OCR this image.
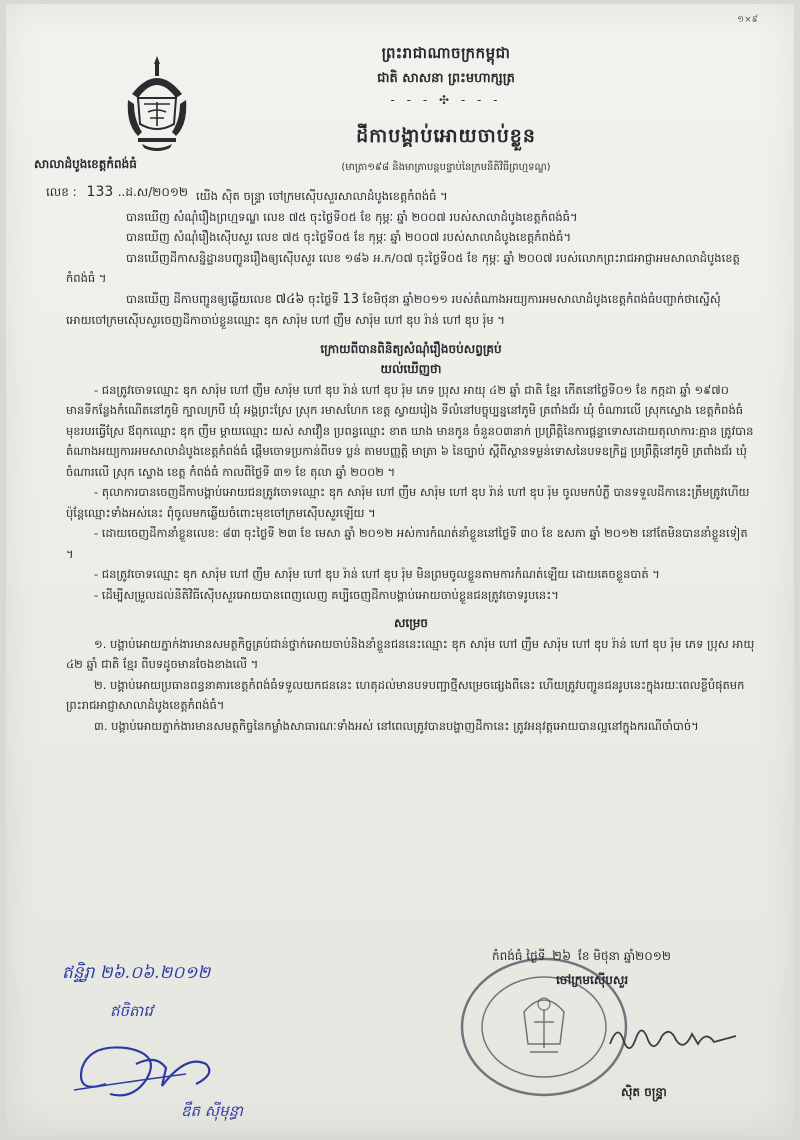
១×៩
ព្រះរាជាណាចក្រកម្ពុជា
ជាតិ សាសនា ព្រះមហាក្សត្រ
- - - ✣ - - -
ដីកាបង្គាប់អោយចាប់ខ្លួន
(មាត្រា១៩៨ និងមាត្រាបន្តបន្ទាប់នៃក្រមនីតិវិធីព្រហ្មទណ្ឌ)
សាលាដំបូងខេត្តកំពង់ធំ
លេខ : 133 ..ដ.ស/២០១២ យើង ស៊ិត ចន្ទ្រា ចៅក្រមស៊ើបសួរសាលាដំបូងខេត្តកំពង់ធំ ។

បានឃើញ សំណុំរឿងព្រហ្មទណ្ឌ លេខ ៧៥ ចុះថ្ងៃទី០៥ ខែ កុម្ភៈ ឆ្នាំ ២០០៧ របស់សាលាដំបូងខេត្តកំពង់ធំ។

បានឃើញ សំណុំរឿងស៊ើបសួរ លេខ ៧៥ ចុះថ្ងៃទី០៥ ខែ កុម្ភៈ ឆ្នាំ ២០០៧ របស់សាលាដំបូងខេត្តកំពង់ធំ។

បានឃើញដីកាសន្និដ្ឋានបញ្ជូនរឿងឲ្យស៊ើបសួរ លេខ ១៨៦ អ.ក/០៧ ចុះថ្ងៃទី០៥ ខែ កុម្ភៈ ឆ្នាំ ២០០៧ របស់លោកព្រះរាជអាជ្ញាអមសាលាដំបូងខេត្តកំពង់ធំ ។

បានឃើញ ដីកាបញ្ជូនឲ្យឆ្លើយលេខ ៧៤៦ ចុះថ្ងៃទី 13 ខែមិថុនា ឆ្នាំ២០១១ របស់តំណាងអយ្យការអមសាលាដំបូងខេត្តកំពង់ធំបញ្ជាក់ថាស្នើសុំអោយចៅក្រមស៊ើបសួរចេញដីកាចាប់ខ្លួនឈ្មោះ ឌុក សារ៉ុម ហៅ ញឹម សារ៉ុម ហៅ ឌុប រ៉ាន់ ហៅ ឌុប រ៉ុម ។

ក្រោយពីបានពិនិត្យសំណុំរឿងចប់សព្វគ្រប់
យល់ឃើញថា

- ជនត្រូវចោទឈ្មោះ ឌុក សារ៉ុម ហៅ ញឹម សារ៉ុម ហៅ ឌុប រ៉ាន់ ហៅ ឌុប រ៉ុម ភេទ ប្រុស អាយុ ៤២ ឆ្នាំ ជាតិ ខ្មែរ កើតនៅថ្ងៃទី០១ ខែ កក្កដា ឆ្នាំ ១៩៧០ មានទីកន្លែងកំណើតនៅភូមិ ក្បាលក្របី ឃុំ អង្គព្រះស្រែ ស្រុក រមាសហែក ខេត្ត ស្វាយរៀង ទីលំនៅបច្ចុប្បន្ននៅភូមិ ត្រពាំងជ័រ ឃុំ ចំណារលើ ស្រុកស្ទោង ខេត្តកំពង់ធំ មុខរបរធ្វើស្រែ ឪពុកឈ្មោះ ឌុក ញឹម ម្ដាយឈ្មោះ យស់ សាវឿន ប្រពន្ធឈ្មោះ ខាត ឃាង មានកូន ចំនួន០៣នាក់ ប្រព្រឹត្តិនៃការផ្តន្ទាទោសដោយតុលាការ:គ្មាន ត្រូវបានតំណាងអយ្យការអមសាលាដំបូងខេត្តកំពង់ធំ ផ្ដើមចោទប្រកាន់ពីបទ ប្លន់ តាមបញ្ញត្តិ មាត្រា ៦ នៃច្បាប់ ស្តីពីស្ថានទម្ងន់ទោសនៃបទឧក្រិដ្ឋ ប្រព្រឹត្តិនៅភូមិ ត្រពាំងជ័រ ឃុំ ចំណារលើ ស្រុក ស្ទោង ខេត្ត កំពង់ធំ កាលពីថ្ងៃទី ៣១ ខែ តុលា ឆ្នាំ ២០០២ ។

- តុលាការបានចេញដីកាបង្គាប់អោយជនត្រូវចោទឈ្មោះ ឌុក សារ៉ុម ហៅ ញឹម សារ៉ុម ហៅ ឌុប រ៉ាន់ ហៅ ឌុប រ៉ុម ចូលមកបំភ្លឺ បានទទួលដីកានេះត្រឹមត្រូវហើយ ប៉ុន្តែឈ្មោះទាំងអស់នេះ ពុំចូលមកឆ្លើយចំពោះមុខចៅក្រមស៊ើបសួរឡើយ ។

- ដោយចេញដីកានាំខ្លួនលេខ: ៨៣ ចុះថ្ងៃទី ២៣ ខែ មេសា ឆ្នាំ ២០១២ អស់ការកំណត់នាំខ្លួននៅថ្ងៃទី ៣០ ខែ ឧសភា ឆ្នាំ ២០១២ នៅតែមិនបាននាំខ្លួនទៀត ។

- ជនត្រូវចោទឈ្មោះ ឌុក សារ៉ុម ហៅ ញឹម សារ៉ុម ហៅ ឌុប រ៉ាន់ ហៅ ឌុប រ៉ុម មិនព្រមចូលខ្លួនតាមការកំណត់ឡើយ ដោយគេចខ្លួនបាត់ ។

- ដើម្បីសម្រួលដល់នីតិវិធីស៊ើបសួរអោយបានពេញលេញ គប្បីចេញដីកាបង្គាប់អោយចាប់ខ្លួនជនត្រូវចោទរូបនេះ។

សម្រេច

១. បង្គាប់អោយភ្នាក់ងារមានសមត្ថកិច្ចគ្រប់ជាន់ថ្នាក់អោយចាប់និងនាំខ្លួនជននេះឈ្មោះ ឌុក សារ៉ុម ហៅ ញឹម សារ៉ុម ហៅ ឌុប រ៉ាន់ ហៅ ឌុប រ៉ុម ភេទ ប្រុស អាយុ ៤២ ឆ្នាំ ជាតិ ខ្មែរ ពីបទដូចមានចែងខាងលើ ។

២. បង្គាប់អោយប្រធានពន្ធនាគារខេត្តកំពង់ធំទទួលយកជននេះ ហេតុដល់មានបទបញ្ជាថ្មីសម្រេចផ្សេងពីនេះ ហើយត្រូវបញ្ជូនជនរូបនេះក្នុងរយៈពេលខ្លីបំផុតមកព្រះរាជអាជ្ញាសាលាដំបូងខេត្តកំពង់ធំ។

៣. បង្គាប់អោយភ្នាក់ងារមានសមត្ថកិច្ចនៃកម្លាំងសាធារណៈទាំងអស់ នៅពេលត្រូវបានបង្ហាញដីកានេះ ត្រូវអនុវត្តអោយបានល្អនៅក្នុងករណីចាំបាច់។

កំពង់ធំ ថ្ងៃទី ២៦ ខែ មិថុនា ឆ្នាំ២០១២
ចៅក្រមស៊ើបសួរ
ស៊ិត ចន្ទ្រា
ឥន្ទិរ្វា ២៦.០៦.២០១២
ឥចិតាវេ
ឌឹត ស៊ីមុន្ធា
